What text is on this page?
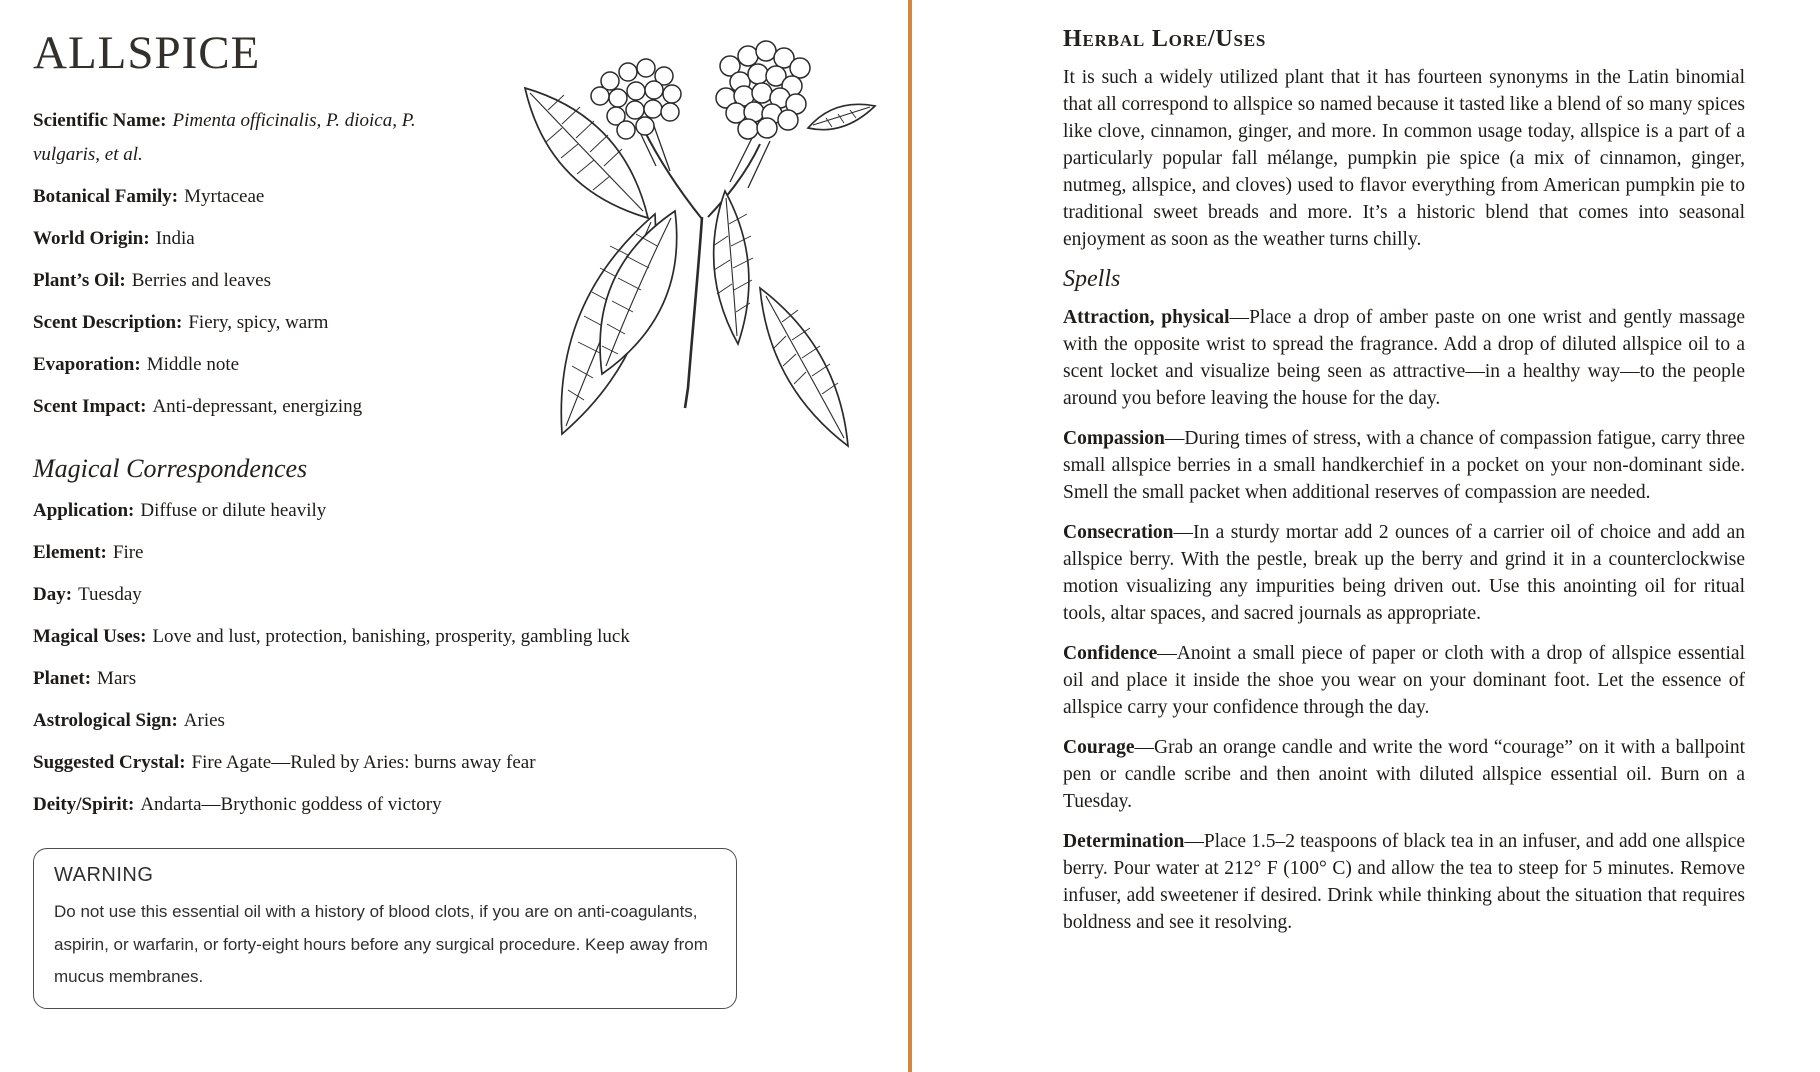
ALLSPICE
Scientific Name: Pimenta officinalis, P. dioica, P. vulgaris, et al.
Botanical Family: Myrtaceae
World Origin: India
Plant’s Oil: Berries and leaves
Scent Description: Fiery, spicy, warm
Evaporation: Middle note
Scent Impact: Anti-depressant, energizing
Magical Correspondences
Application: Diffuse or dilute heavily
Element: Fire
Day: Tuesday
Magical Uses: Love and lust, protection, banishing, prosperity, gambling luck
Planet: Mars
Astrological Sign: Aries
Suggested Crystal: Fire Agate—Ruled by Aries: burns away fear
Deity/Spirit: Andarta—Brythonic goddess of victory
WARNING
Do not use this essential oil with a history of blood clots, if you are on anti-coagulants, aspirin, or warfarin, or forty-eight hours before any surgical procedure. Keep away from mucus membranes.
Herbal Lore/Uses

It is such a widely utilized plant that it has fourteen synonyms in the Latin binomial that all correspond to allspice so named because it tasted like a blend of so many spices like clove, cinnamon, ginger, and more. In common usage today, allspice is a part of a particularly popular fall mélange, pumpkin pie spice (a mix of cinnamon, ginger, nutmeg, allspice, and cloves) used to flavor everything from American pumpkin pie to traditional sweet breads and more. It’s a historic blend that comes into seasonal enjoyment as soon as the weather turns chilly.

Spells

Attraction, physical—Place a drop of amber paste on one wrist and gently massage with the opposite wrist to spread the fragrance. Add a drop of diluted allspice oil to a scent locket and visualize being seen as attractive—in a healthy way—to the people around you before leaving the house for the day.

Compassion—During times of stress, with a chance of compassion fatigue, carry three small allspice berries in a small handkerchief in a pocket on your non-dominant side. Smell the small packet when additional reserves of compassion are needed.

Consecration—In a sturdy mortar add 2 ounces of a carrier oil of choice and add an allspice berry. With the pestle, break up the berry and grind it in a counterclockwise motion visualizing any impurities being driven out. Use this anointing oil for ritual tools, altar spaces, and sacred journals as appropriate.

Confidence—Anoint a small piece of paper or cloth with a drop of allspice essential oil and place it inside the shoe you wear on your dominant foot. Let the essence of allspice carry your confidence through the day.

Courage—Grab an orange candle and write the word “courage” on it with a ballpoint pen or candle scribe and then anoint with diluted allspice essential oil. Burn on a Tuesday.

Determination—Place 1.5–2 teaspoons of black tea in an infuser, and add one allspice berry. Pour water at 212° F (100° C) and allow the tea to steep for 5 minutes. Remove infuser, add sweetener if desired. Drink while thinking about the situation that requires boldness and see it resolving.
